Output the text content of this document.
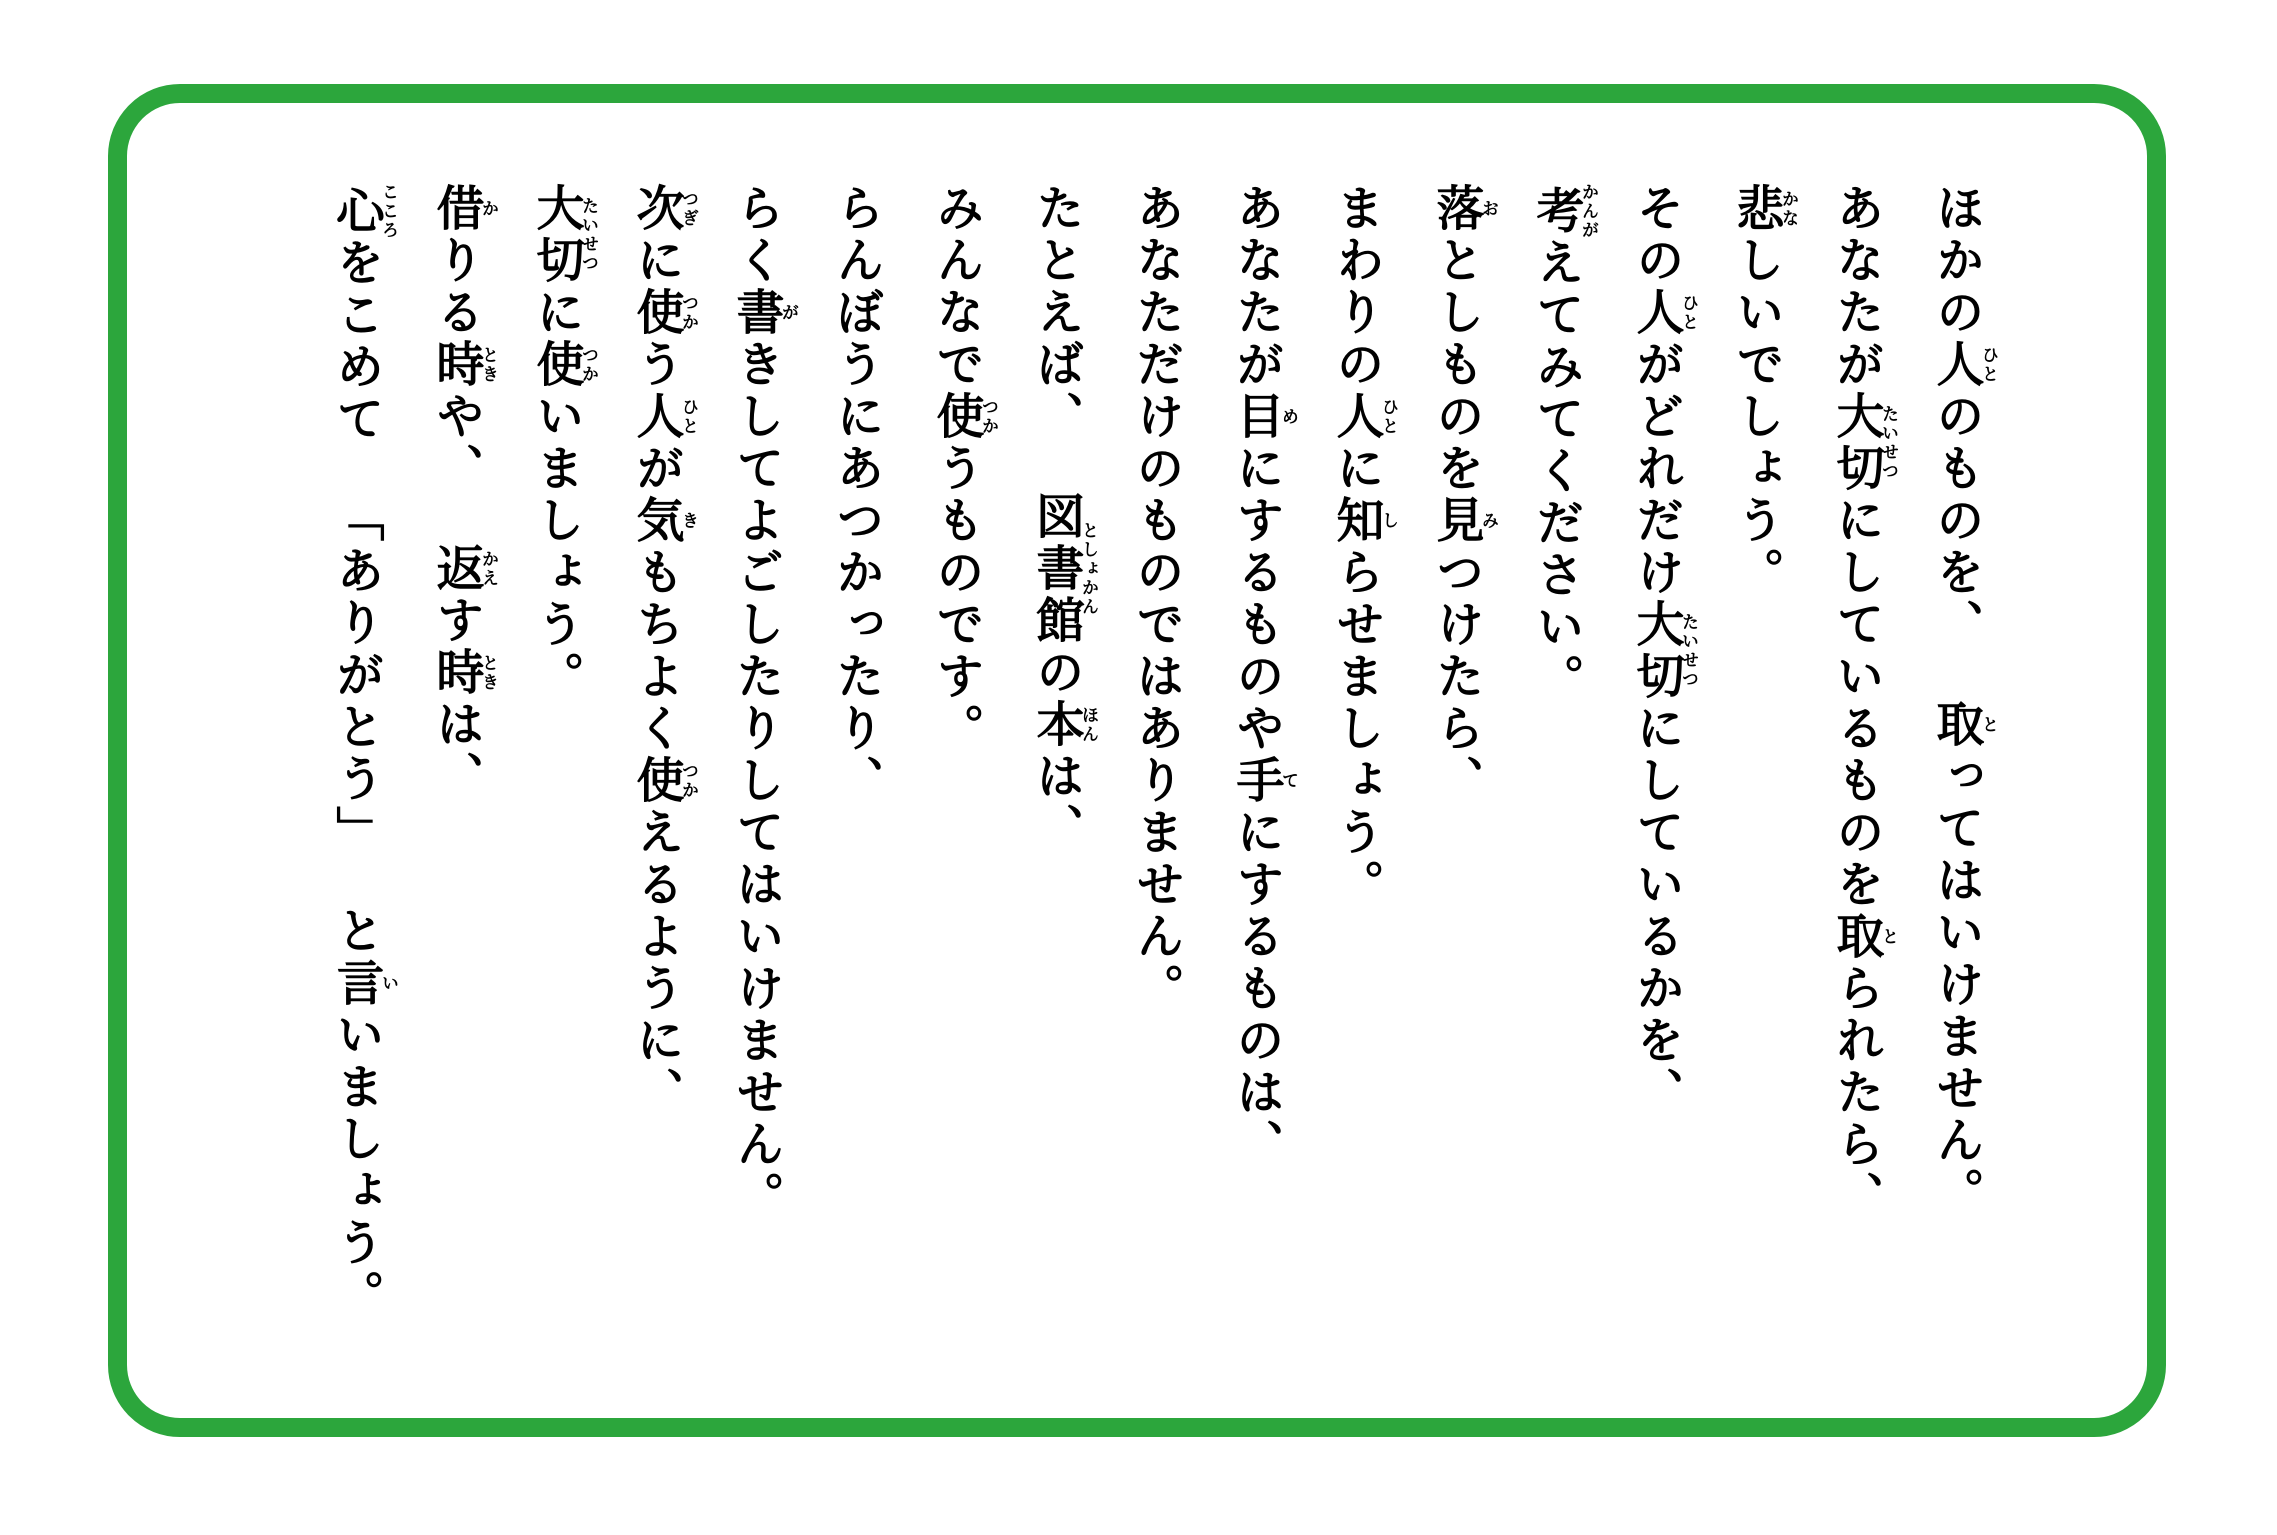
ほかの人ひとのものを、取とってはいけません。

あなたが大切たいせつにしているものを取とられたら、

悲かなしいでしょう。

その人ひとがどれだけ大切たいせつにしているかを、

考かんがえてみてください。

落おとしものを見みつけたら、

まわりの人ひとに知しらせましょう。

あなたが目めにするものや手てにするものは、

あなただけのものではありません。

たとえば、図書館としょかんの本ほんは、

みんなで使つかうものです。

らんぼうにあつかったり、

らく書がきしてよごしたりしてはいけません。

次つぎに使つかう人ひとが気きもちよく使つかえるように、

大切たいせつに使つかいましょう。

借かりる時ときや、返かえす時ときは、

心こころをこめて「ありがとう」と言いいましょう。
